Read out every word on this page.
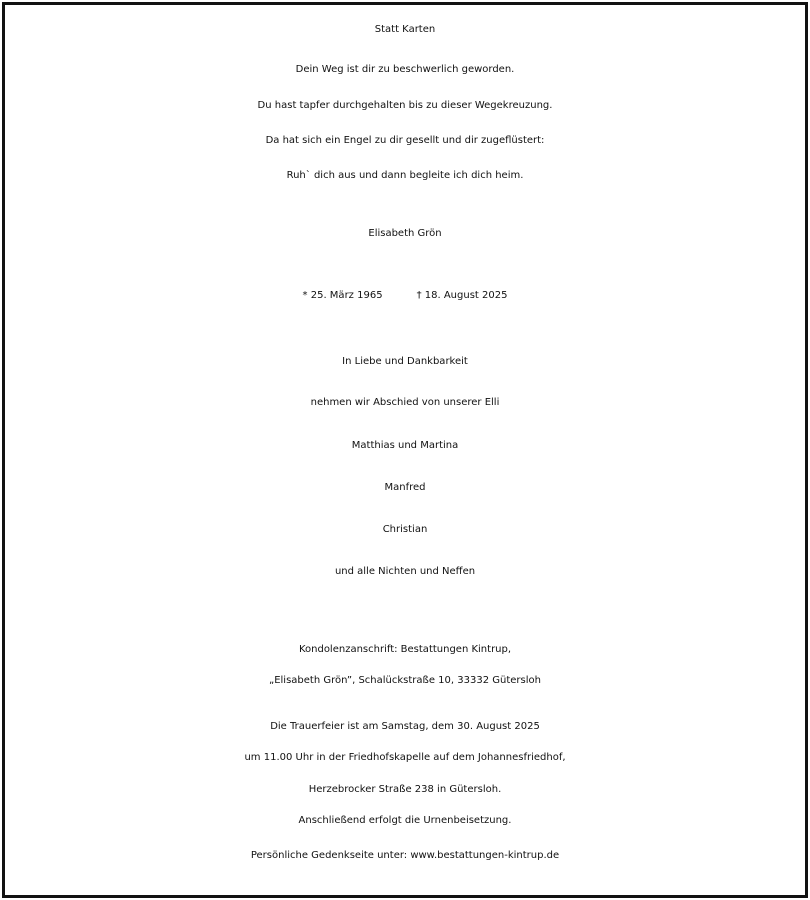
Statt Karten
Dein Weg ist dir zu beschwerlich geworden.
Du hast tapfer durchgehalten bis zu dieser Wegekreuzung.
Da hat sich ein Engel zu dir gesellt und dir zugeflüstert:
Ruh` dich aus und dann begleite ich dich heim.
Elisabeth Grön
* 25. März 1965	† 18. August 2025
In Liebe und Dankbarkeit
nehmen wir Abschied von unserer Elli
Matthias und Martina
Manfred
Christian
und alle Nichten und Neffen
Kondolenzanschrift: Bestattungen Kintrup,
„Elisabeth Grön”, Schalückstraße 10, 33332 Gütersloh
Die Trauerfeier ist am Samstag, dem 30. August 2025
um 11.00 Uhr in der Friedhofskapelle auf dem Johannesfriedhof,
Herzebrocker Straße 238 in Gütersloh.
Anschließend erfolgt die Urnenbeisetzung.
Persönliche Gedenkseite unter: www.bestattungen-kintrup.de
